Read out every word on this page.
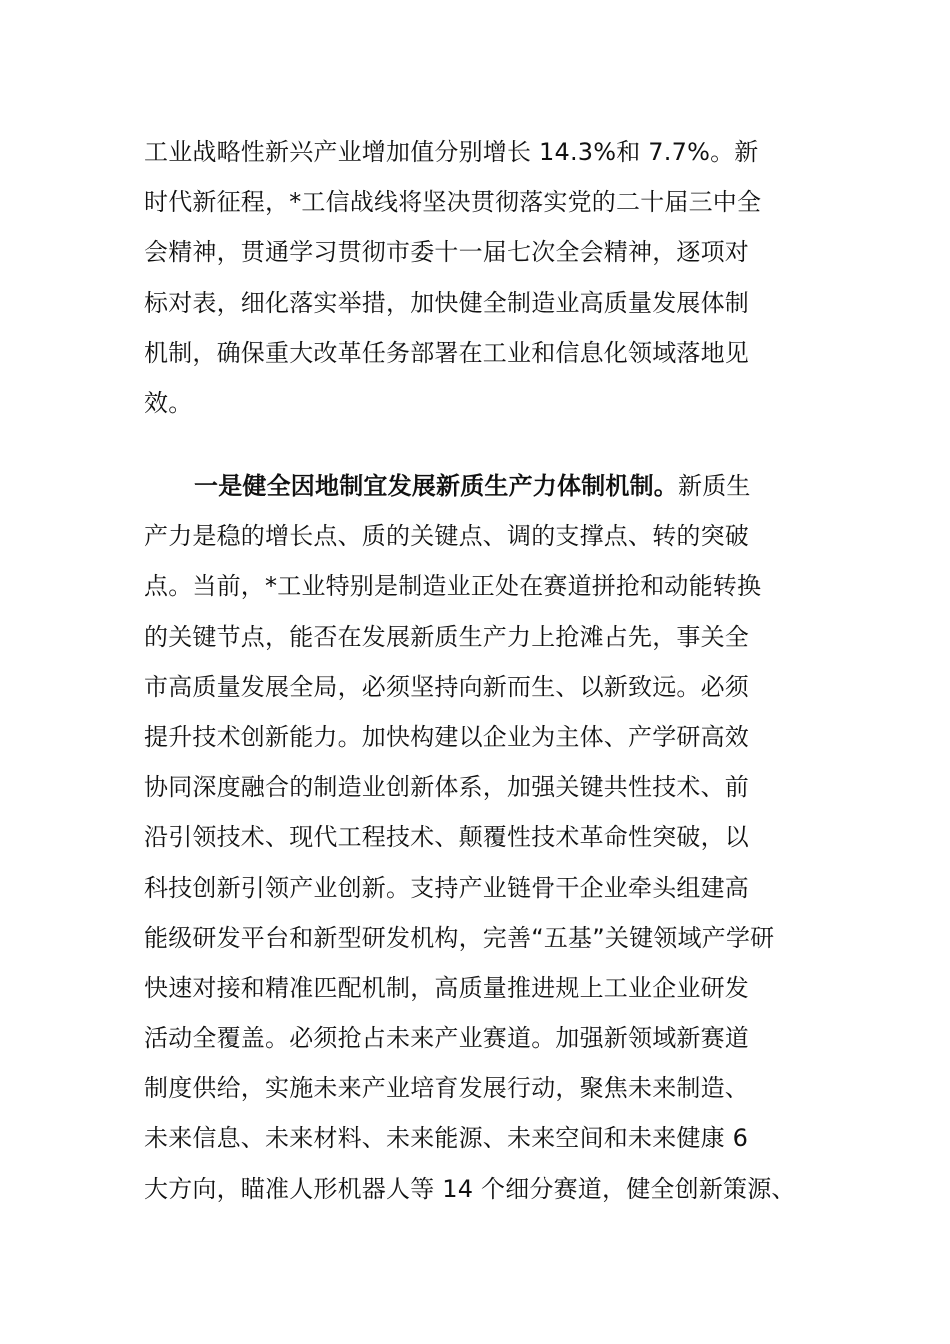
工业战略性新兴产业增加值分别增长 14.3%和 7.7%。新
时代新征程，*工信战线将坚决贯彻落实党的二十届三中全
会精神，贯通学习贯彻市委十一届七次全会精神，逐项对
标对表，细化落实举措，加快健全制造业高质量发展体制
机制，确保重大改革任务部署在工业和信息化领域落地见
效。
一是健全因地制宜发展新质生产力体制机制。新质生
产力是稳的增长点、质的关键点、调的支撑点、转的突破
点。当前，*工业特别是制造业正处在赛道拼抢和动能转换
的关键节点，能否在发展新质生产力上抢滩占先，事关全
市高质量发展全局，必须坚持向新而生、以新致远。必须
提升技术创新能力。加快构建以企业为主体、产学研高效
协同深度融合的制造业创新体系，加强关键共性技术、前
沿引领技术、现代工程技术、颠覆性技术革命性突破，以
科技创新引领产业创新。支持产业链骨干企业牵头组建高
能级研发平台和新型研发机构，完善“五基”关键领域产学研
快速对接和精准匹配机制，高质量推进规上工业企业研发
活动全覆盖。必须抢占未来产业赛道。加强新领域新赛道
制度供给，实施未来产业培育发展行动，聚焦未来制造、
未来信息、未来材料、未来能源、未来空间和未来健康 6
大方向，瞄准人形机器人等 14 个细分赛道，健全创新策源、
